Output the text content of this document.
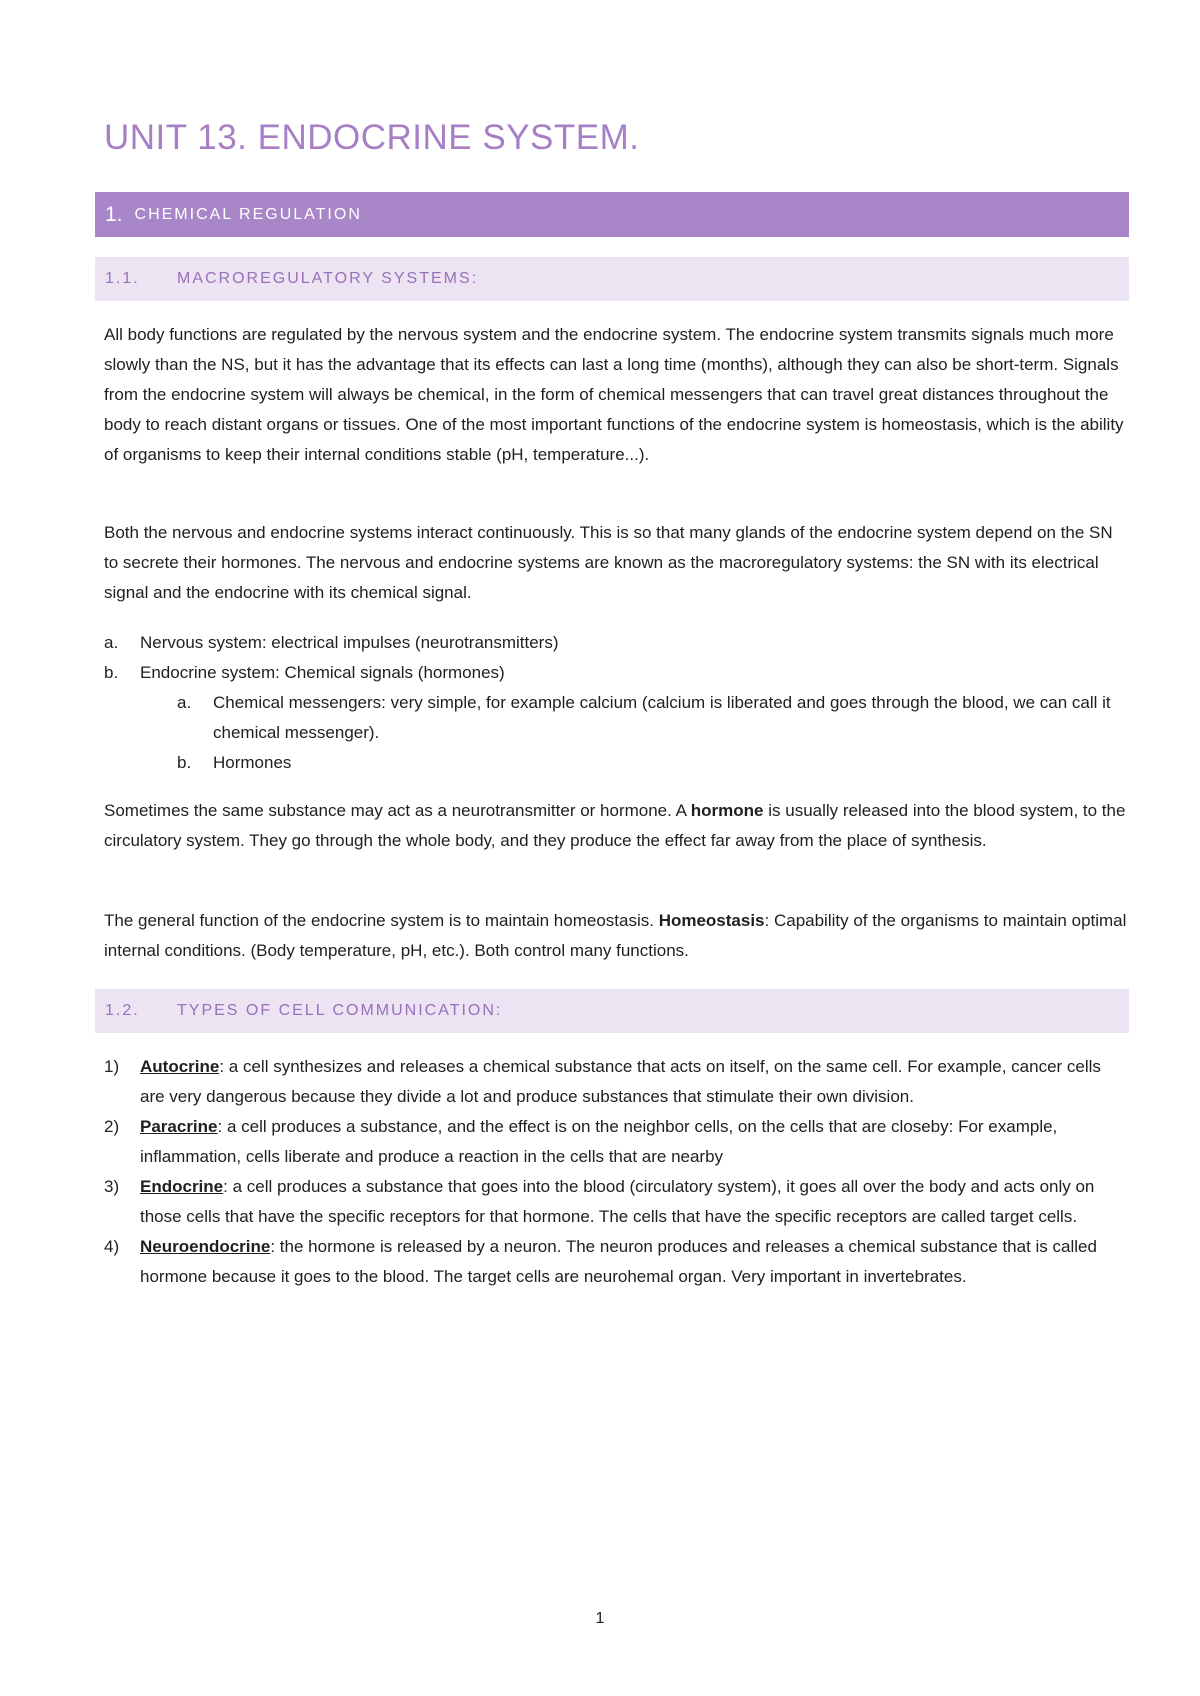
UNIT 13. ENDOCRINE SYSTEM.
1. CHEMICAL REGULATION
1.1.	MACROREGULATORY SYSTEMS:

All body functions are regulated by the nervous system and the endocrine system. The endocrine system transmits signals much more slowly than the NS, but it has the advantage that its effects can last a long time (months), although they can also be short-term. Signals from the endocrine system will always be chemical, in the form of chemical messengers that can travel great distances throughout the body to reach distant organs or tissues. One of the most important functions of the endocrine system is homeostasis, which is the ability of organisms to keep their internal conditions stable (pH, temperature...).

Both the nervous and endocrine systems interact continuously. This is so that many glands of the endocrine system depend on the SN to secrete their hormones. The nervous and endocrine systems are known as the macroregulatory systems: the SN with its electrical signal and the endocrine with its chemical signal.

a.	Nervous system: electrical impulses (neurotransmitters)
b.	Endocrine system: Chemical signals (hormones)
a.	Chemical messengers: very simple, for example calcium (calcium is liberated and goes through the blood, we can call it chemical messenger).
b.	Hormones

Sometimes the same substance may act as a neurotransmitter or hormone. A hormone is usually released into the blood system, to the circulatory system. They go through the whole body, and they produce the effect far away from the place of synthesis.

The general function of the endocrine system is to maintain homeostasis. Homeostasis: Capability of the organisms to maintain optimal internal conditions. (Body temperature, pH, etc.). Both control many functions.

1.2.	TYPES OF CELL COMMUNICATION:
1)	Autocrine: a cell synthesizes and releases a chemical substance that acts on itself, on the same cell. For example, cancer cells are very dangerous because they divide a lot and produce substances that stimulate their own division.
2)	Paracrine: a cell produces a substance, and the effect is on the neighbor cells, on the cells that are closeby: For example, inflammation, cells liberate and produce a reaction in the cells that are nearby
3)	Endocrine: a cell produces a substance that goes into the blood (circulatory system), it goes all over the body and acts only on those cells that have the specific receptors for that hormone. The cells that have the specific receptors are called target cells.
4)	Neuroendocrine: the hormone is released by a neuron. The neuron produces and releases a chemical substance that is called hormone because it goes to the blood. The target cells are neurohemal organ. Very important in invertebrates.
1
